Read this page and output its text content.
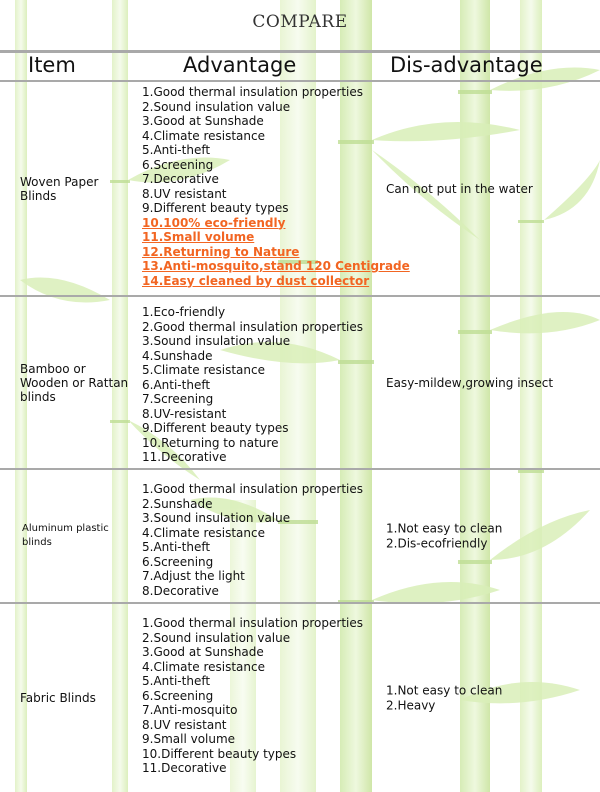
COMPARE
Item	Advantage	Dis-advantage
Woven Paper Blinds
1.Good thermal insulation properties
2.Sound insulation value
3.Good at Sunshade
4.Climate resistance
5.Anti-theft
6.Screening
7.Decorative
8.UV resistant
9.Different beauty types
10.100% eco-friendly
11.Small volume
12.Returning to Nature
13.Anti-mosquito,stand 120 Centigrade
14.Easy cleaned by dust collector
Can not put in the water
Bamboo or Wooden or Rattan blinds
1.Eco-friendly
2.Good thermal insulation properties
3.Sound insulation value
4.Sunshade
5.Climate resistance
6.Anti-theft
7.Screening
8.UV-resistant
9.Different beauty types
10.Returning to nature
11.Decorative
Easy-mildew,growing insect
Aluminum plastic blinds
1.Good thermal insulation properties
2.Sunshade
3.Sound insulation value
4.Climate resistance
5.Anti-theft
6.Screening
7.Adjust the light
8.Decorative
1.Not easy to clean
2.Dis-ecofriendly
Fabric Blinds
1.Good thermal insulation properties
2.Sound insulation value
3.Good at Sunshade
4.Climate resistance
5.Anti-theft
6.Screening
7.Anti-mosquito
8.UV resistant
9.Small volume
10.Different beauty types
11.Decorative
1.Not easy to clean
2.Heavy
